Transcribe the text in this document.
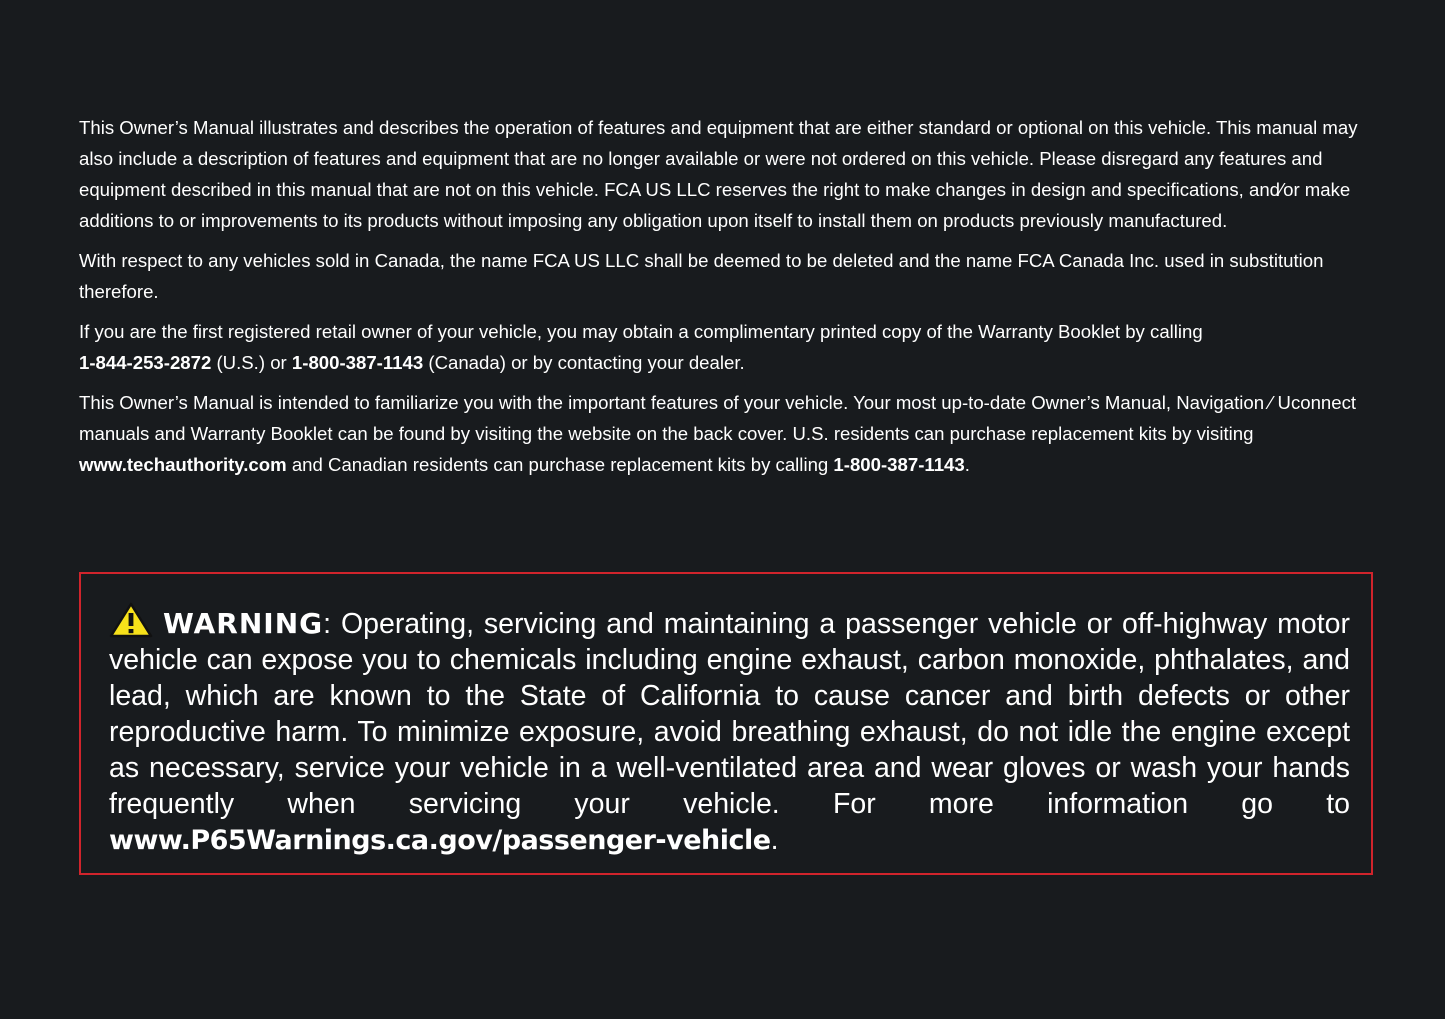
This Owner’s Manual illustrates and describes the operation of features and equipment that are either standard or optional on this vehicle. This manual may also include a description of features and equipment that are no longer available or were not ordered on this vehicle. Please disregard any features and equipment described in this manual that are not on this vehicle. FCA US LLC reserves the right to make changes in design and specifications, and⁄or make additions to or improvements to its products without imposing any obligation upon itself to install them on products previously manufactured.

With respect to any vehicles sold in Canada, the name FCA US LLC shall be deemed to be deleted and the name FCA Canada Inc. used in substitution therefore.

If you are the first registered retail owner of your vehicle, you may obtain a complimentary printed copy of the Warranty Booklet by calling
1-844-253-2872 (U.S.) or 1-800-387-1143 (Canada) or by contacting your dealer.

This Owner’s Manual is intended to familiarize you with the important features of your vehicle. Your most up-to-date Owner’s Manual, Navigation ⁄ Uconnect manuals and Warranty Booklet can be found by visiting the website on the back cover. U.S. residents can purchase replacement kits by visiting www.techauthority.com and Canadian residents can purchase replacement kits by calling 1-800-387-1143.

WARNING: Operating, servicing and maintaining a passenger vehicle or off-highway motor vehicle can expose you to chemicals including engine exhaust, carbon monoxide, phthalates, and lead, which are known to the State of California to cause cancer and birth defects or other reproductive harm. To minimize exposure, avoid breathing exhaust, do not idle the engine except as necessary, service your vehicle in a well-ventilated area and wear gloves or wash your hands frequently when servicing your vehicle. For more information go to www.P65Warnings.ca.gov/passenger-vehicle.
